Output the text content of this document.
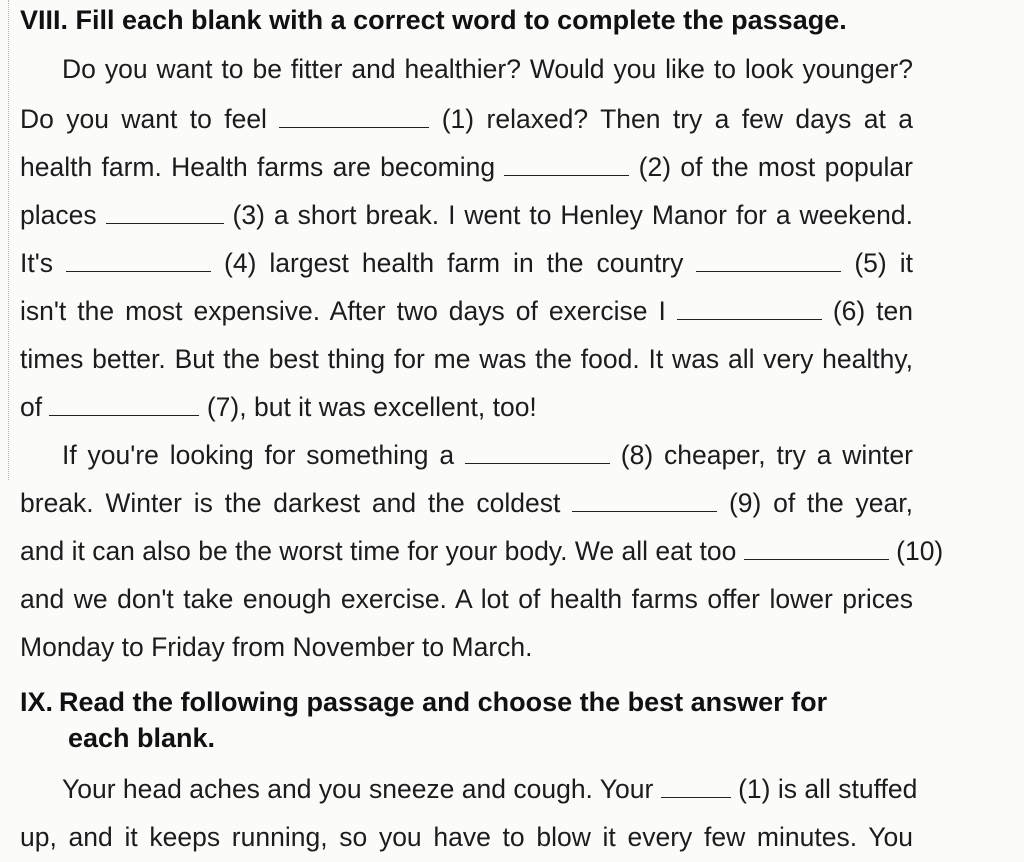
VIII. Fill each blank with a correct word to complete the passage.
Do you want to be fitter and healthier? Would you like to look younger?
Do you want to feel	(1) relaxed? Then try a few days at a
health farm. Health farms are becoming	(2) of the most popular
places	(3) a short break. I went to Henley Manor for a weekend.
It's	(4) largest health farm in the country	(5) it
isn't the most expensive. After two days of exercise I	(6) ten
times better. But the best thing for me was the food. It was all very healthy,
of	(7), but it was excellent, too!
If you're looking for something a	(8) cheaper, try a winter
break. Winter is the darkest and the coldest	(9) of the year,
and it can also be the worst time for your body. We all eat too	(10)
and we don't take enough exercise. A lot of health farms offer lower prices
Monday to Friday from November to March.
IX. Read the following passage and choose the best answer for
each blank.
Your head aches and you sneeze and cough. Your	(1) is all stuffed
up, and it keeps running, so you have to blow it every few minutes. You
